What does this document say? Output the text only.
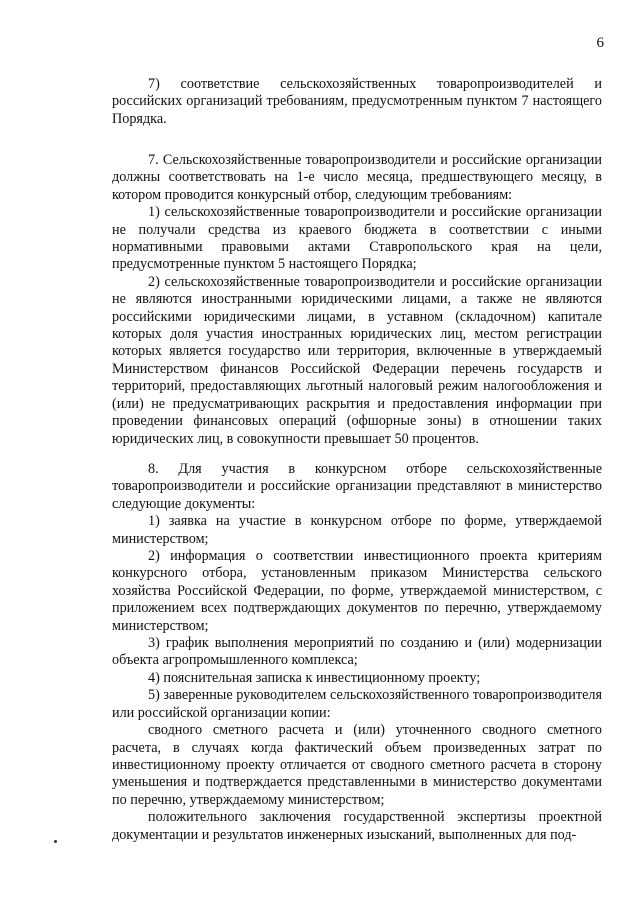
6

7) соответствие сельскохозяйственных товаропроизводителей и российских организаций требованиям, предусмотренным пунктом 7 настоящего Порядка.

7. Сельскохозяйственные товаропроизводители и российские организации должны соответствовать на 1-е число месяца, предшествующего месяцу, в котором проводится конкурсный отбор, следующим требованиям:

1) сельскохозяйственные товаропроизводители и российские организации не получали средства из краевого бюджета в соответствии с иными нормативными правовыми актами Ставропольского края на цели, предусмотренные пунктом 5 настоящего Порядка;

2) сельскохозяйственные товаропроизводители и российские организации не являются иностранными юридическими лицами, а также не являются российскими юридическими лицами, в уставном (складочном) капитале которых доля участия иностранных юридических лиц, местом регистрации которых является государство или территория, включенные в утверждаемый Министерством финансов Российской Федерации перечень государств и территорий, предоставляющих льготный налоговый режим налогообложения и (или) не предусматривающих раскрытия и предоставления информации при проведении финансовых операций (офшорные зоны) в отношении таких юридических лиц, в совокупности превышает 50 процентов.

8. Для участия в конкурсном отборе сельскохозяйственные товаропроизводители и российские организации представляют в министерство следующие документы:

1) заявка на участие в конкурсном отборе по форме, утверждаемой министерством;

2) информация о соответствии инвестиционного проекта критериям конкурсного отбора, установленным приказом Министерства сельского хозяйства Российской Федерации, по форме, утверждаемой министерством, с приложением всех подтверждающих документов по перечню, утверждаемому министерством;

3) график выполнения мероприятий по созданию и (или) модернизации объекта агропромышленного комплекса;

4) пояснительная записка к инвестиционному проекту;

5) заверенные руководителем сельскохозяйственного товаропроизводителя или российской организации копии:

сводного сметного расчета и (или) уточненного сводного сметного расчета, в случаях когда фактический объем произведенных затрат по инвестиционному проекту отличается от сводного сметного расчета в сторону уменьшения и подтверждается представленными в министерство документами по перечню, утверждаемому министерством;

положительного заключения государственной экспертизы проектной документации и результатов инженерных изысканий, выполненных для под-
